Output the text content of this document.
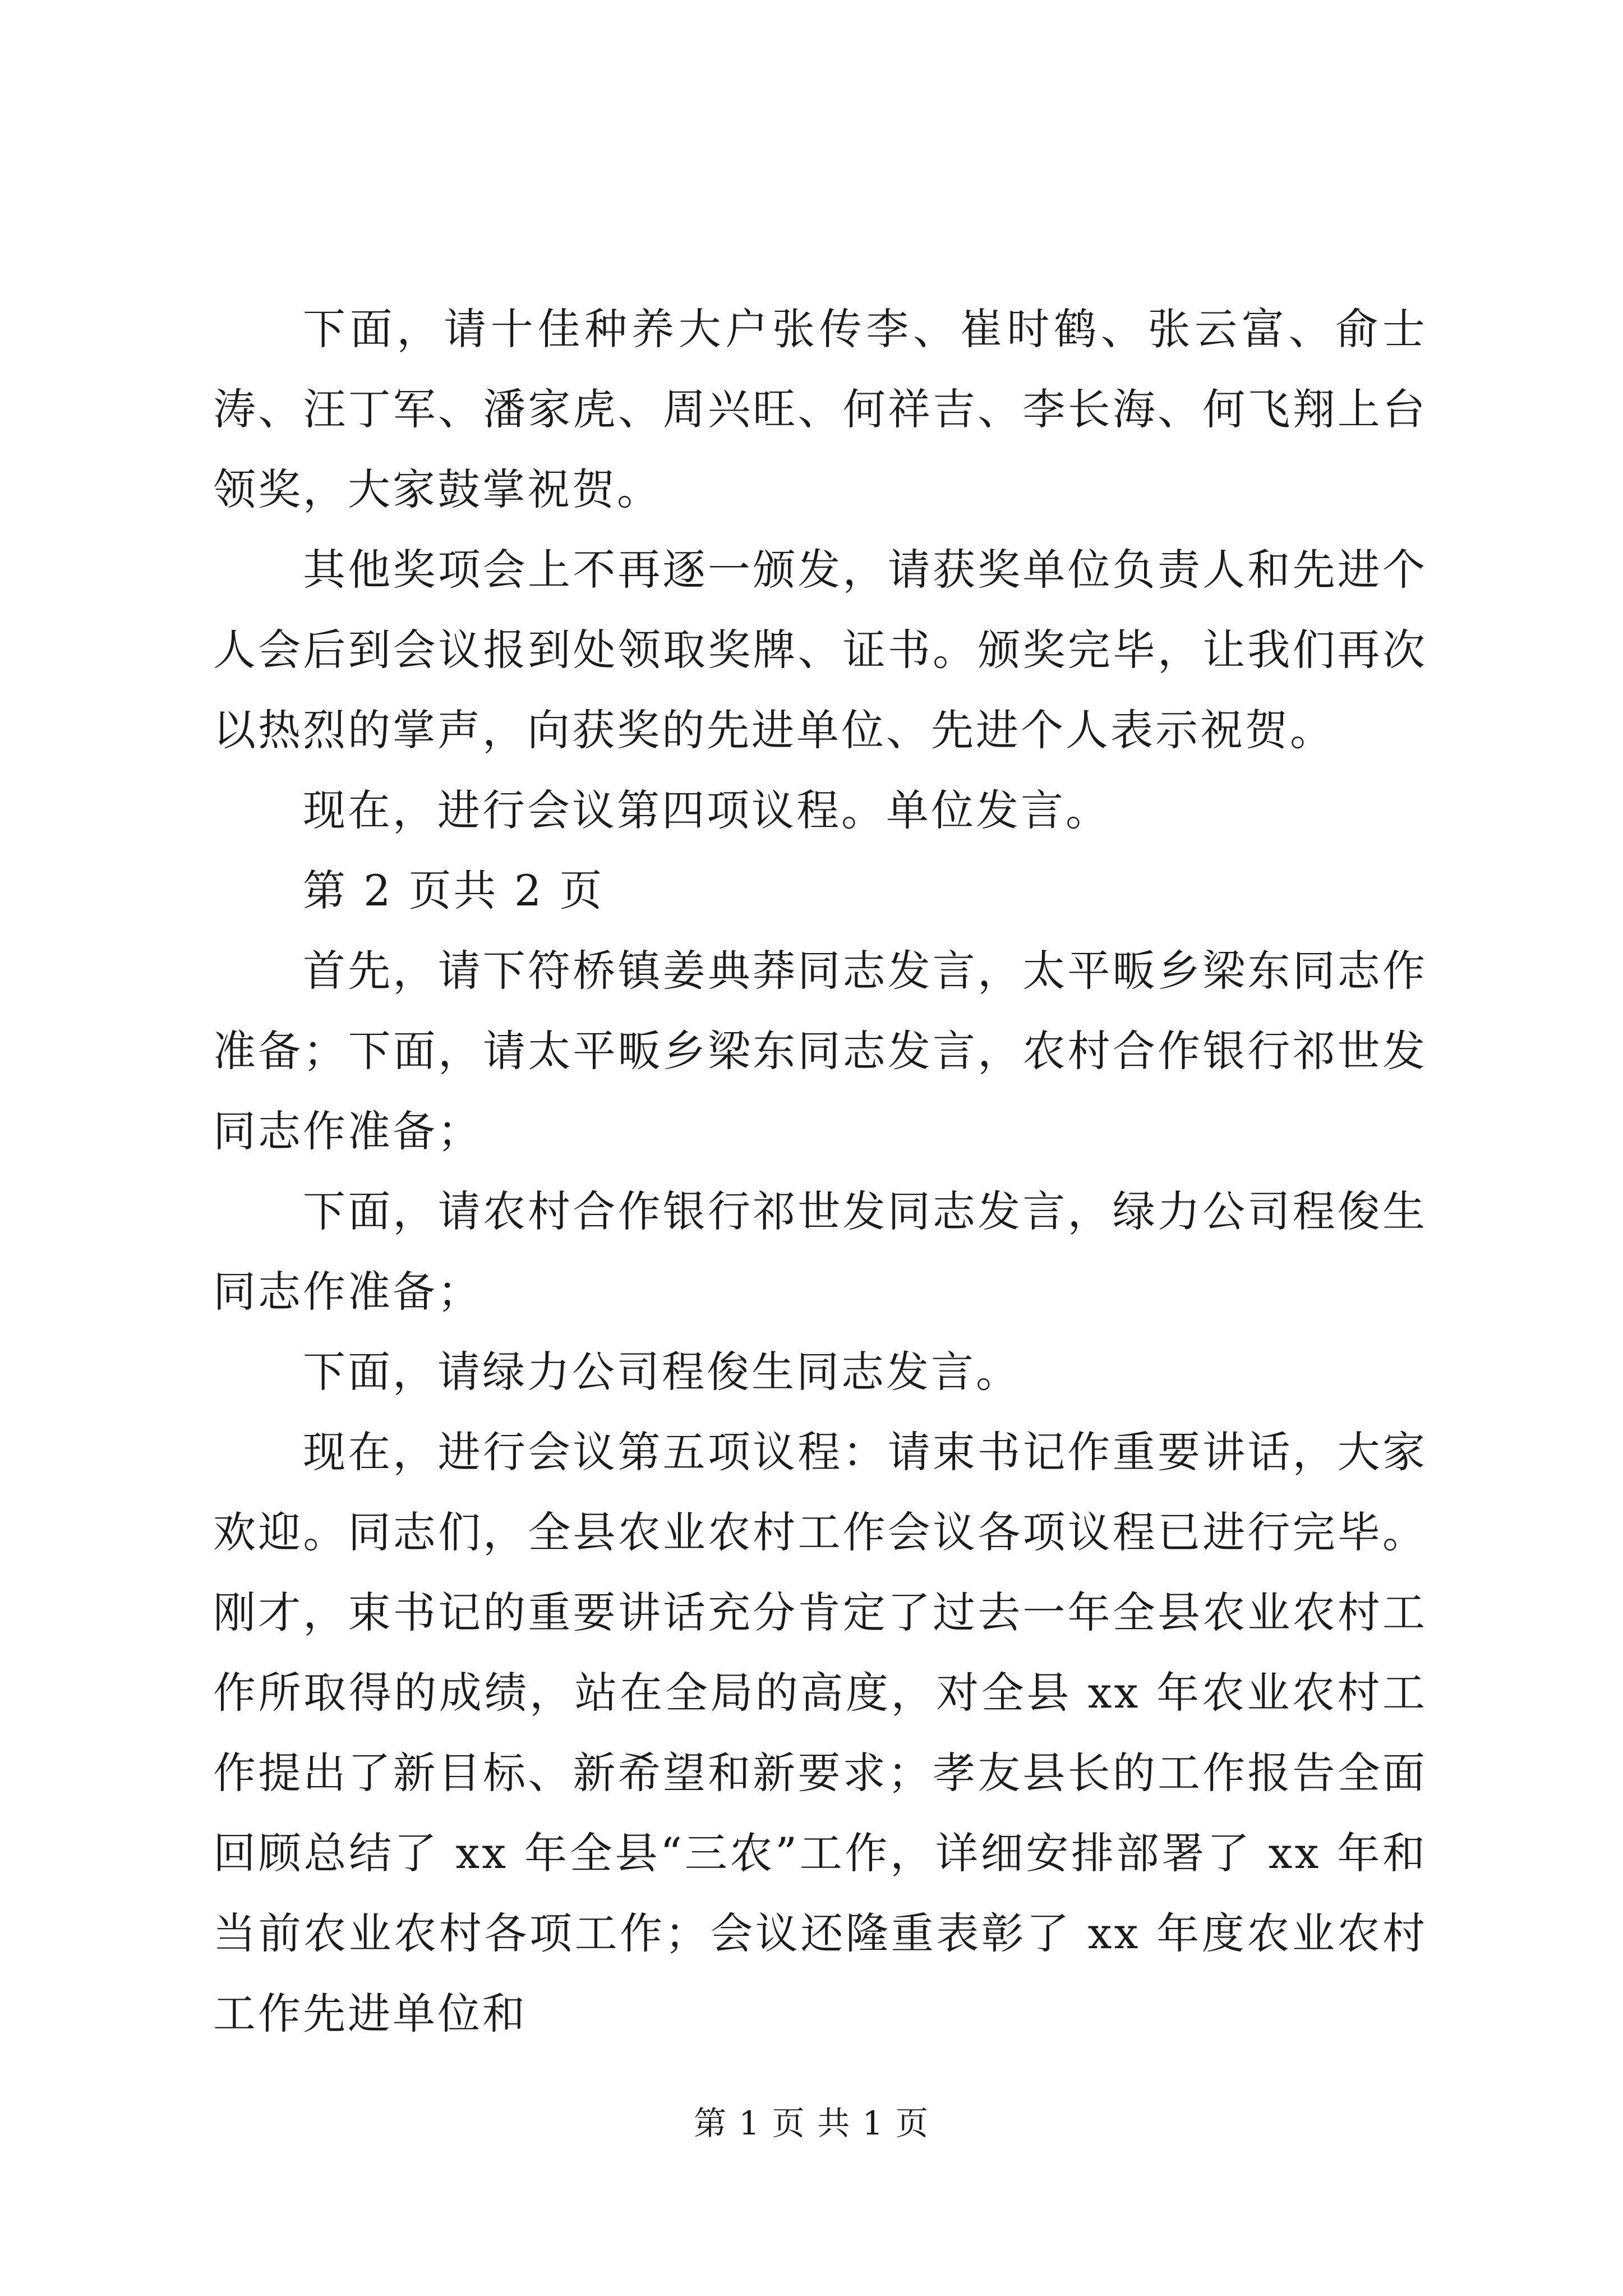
下面，请十佳种养大户张传李、崔时鹤、张云富、俞士涛、汪丁军、潘家虎、周兴旺、何祥吉、李长海、何飞翔上台领奖，大家鼓掌祝贺。

其他奖项会上不再逐一颁发，请获奖单位负责人和先进个人会后到会议报到处领取奖牌、证书。颁奖完毕，让我们再次以热烈的掌声，向获奖的先进单位、先进个人表示祝贺。

现在，进行会议第四项议程。单位发言。

第 2 页共 2 页

首先，请下符桥镇姜典莽同志发言，太平畈乡梁东同志作准备；下面，请太平畈乡梁东同志发言，农村合作银行祁世发同志作准备；

下面，请农村合作银行祁世发同志发言，绿力公司程俊生同志作准备；

下面，请绿力公司程俊生同志发言。

现在，进行会议第五项议程：请束书记作重要讲话，大家欢迎。同志们，全县农业农村工作会议各项议程已进行完毕。刚才，束书记的重要讲话充分肯定了过去一年全县农业农村工作所取得的成绩，站在全局的高度，对全县 xx 年农业农村工作提出了新目标、新希望和新要求；孝友县长的工作报告全面回顾总结了 xx 年全县“三农”工作，详细安排部署了 xx 年和当前农业农村各项工作；会议还隆重表彰了 xx 年度农业农村工作先进单位和

第 1 页 共 1 页
